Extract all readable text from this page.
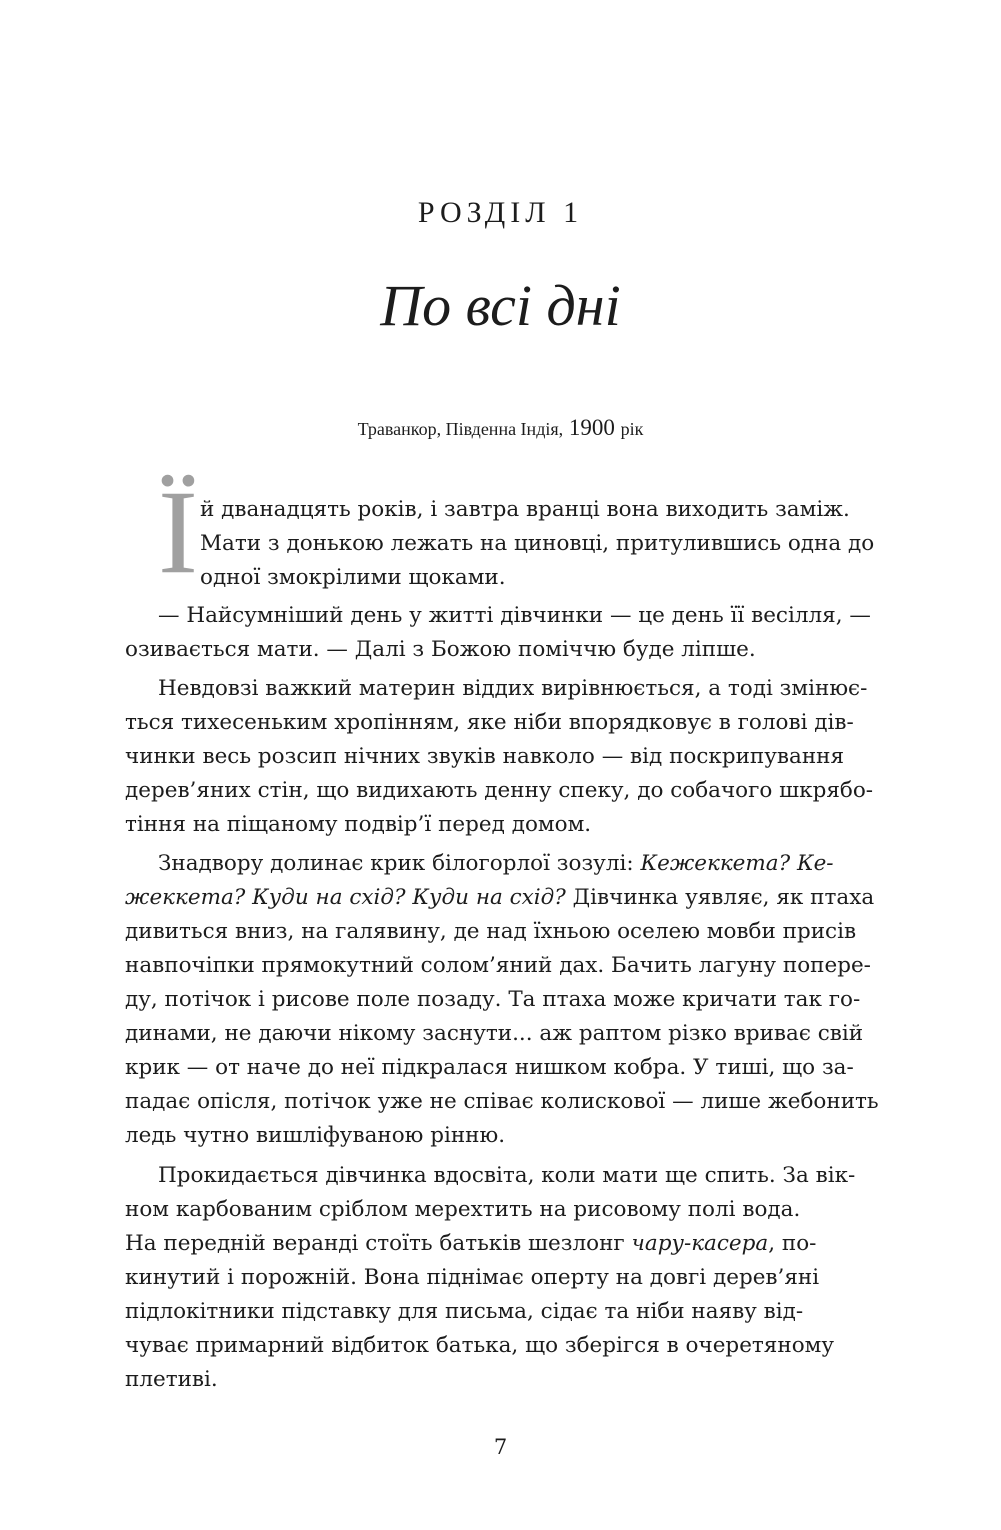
РОЗДІЛ 1
По всі дні
Траванкор, Південна Індія, 1900 рік
Ї й дванадцять років, і завтра вранці вона виходить заміж.
Мати з донькою лежать на циновці, притулившись одна до
одної змокрілими щоками.
— Найсумніший день у житті дівчинки — це день її весілля, —
озивається мати. — Далі з Божою поміччю буде ліпше.
Невдовзі важкий материн віддих вирівнюється, а тоді змінює-
ться тихесеньким хропінням, яке ніби впорядковує в голові дів-
чинки весь розсип нічних звуків навколо — від поскрипування
дерев’яних стін, що видихають денну спеку, до собачого шкрябо-
тіння на піщаному подвір’ї перед домом.
Знадвору долинає крик білогорлої зозулі: Кежеккета? Ке-
жеккета? Куди на схід? Куди на схід? Дівчинка уявляє, як птаха
дивиться вниз, на галявину, де над їхньою оселею мовби присів
навпочіпки прямокутний солом’яний дах. Бачить лагуну попере-
ду, потічок і рисове поле позаду. Та птаха може кричати так го-
динами, не даючи нікому заснути... аж раптом різко вриває свій
крик — от наче до неї підкралася нишком кобра. У тиші, що за-
падає опісля, потічок уже не співає колискової — лише жебонить
ледь чутно вишліфуваною рінню.
Прокидається дівчинка вдосвіта, коли мати ще спить. За вік-
ном карбованим сріблом мерехтить на рисовому полі вода.
На передній веранді стоїть батьків шезлонг чару-касера, по-
кинутий і порожній. Вона піднімає оперту на довгі дерев’яні
підлокітники підставку для письма, сідає та ніби наяву від-
чуває примарний відбиток батька, що зберігся в очеретяному
плетиві.
7
